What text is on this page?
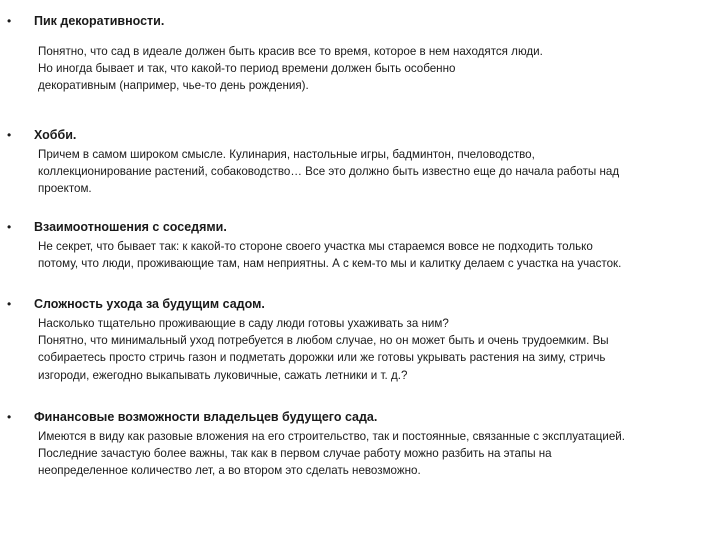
• Пик декоративности.
Понятно, что сад в идеале должен быть красив все то время, которое в нем находятся люди.
Но иногда бывает и так, что какой-то период времени должен быть особенно
декоративным (например, чье-то день рождения).
• Хобби.
Причем в самом широком смысле. Кулинария, настольные игры, бадминтон, пчеловодство,
коллекционирование растений, собаководство… Все это должно быть известно еще до начала работы над
проектом.
• Взаимоотношения с соседями.
Не секрет, что бывает так: к какой-то стороне своего участка мы стараемся вовсе не подходить только
потому, что люди, проживающие там, нам неприятны. А с кем-то мы и калитку делаем с участка на участок.
• Сложность ухода за будущим садом.
Насколько тщательно проживающие в саду люди готовы ухаживать за ним?
Понятно, что минимальный уход потребуется в любом случае, но он может быть и очень трудоемким. Вы
собираетесь просто стричь газон и подметать дорожки или же готовы укрывать растения на зиму, стричь
изгороди, ежегодно выкапывать луковичные, сажать летники и т. д.?
• Финансовые возможности владельцев будущего сада.
Имеются в виду как разовые вложения на его строительство, так и постоянные, связанные с эксплуатацией.
Последние зачастую более важны, так как в первом случае работу можно разбить на этапы на
неопределенное количество лет, а во втором это сделать невозможно.
